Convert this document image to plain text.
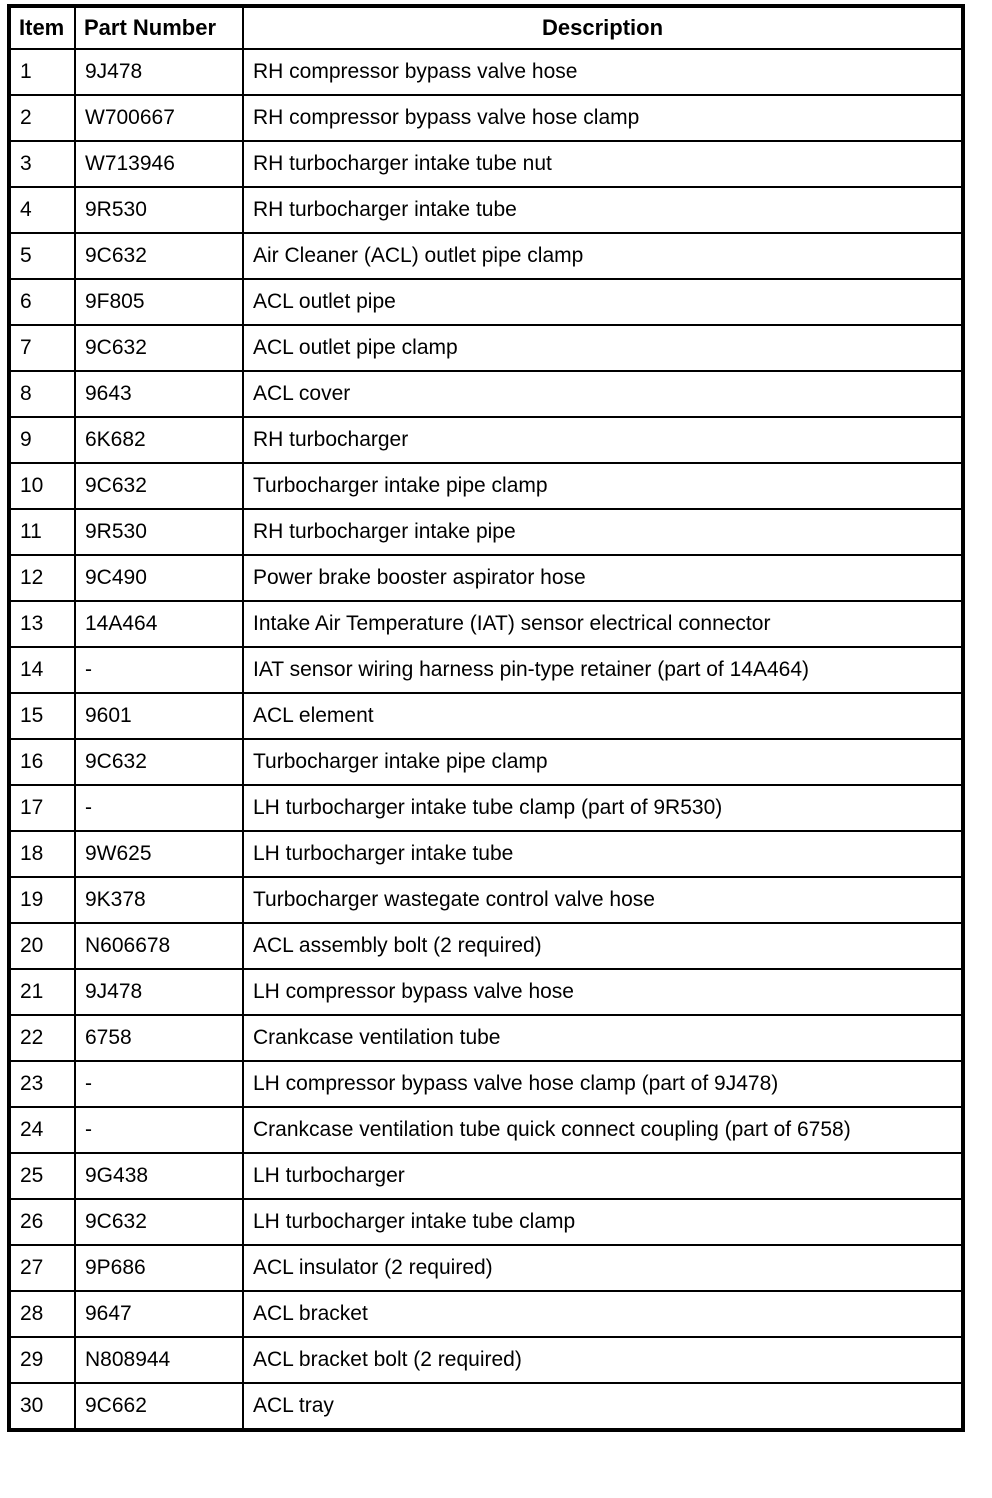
Item	Part Number	Description
1	9J478	RH compressor bypass valve hose
2	W700667	RH compressor bypass valve hose clamp
3	W713946	RH turbocharger intake tube nut
4	9R530	RH turbocharger intake tube
5	9C632	Air Cleaner (ACL) outlet pipe clamp
6	9F805	ACL outlet pipe
7	9C632	ACL outlet pipe clamp
8	9643	ACL cover
9	6K682	RH turbocharger
10	9C632	Turbocharger intake pipe clamp
11	9R530	RH turbocharger intake pipe
12	9C490	Power brake booster aspirator hose
13	14A464	Intake Air Temperature (IAT) sensor electrical connector
14	-	IAT sensor wiring harness pin-type retainer (part of 14A464)
15	9601	ACL element
16	9C632	Turbocharger intake pipe clamp
17	-	LH turbocharger intake tube clamp (part of 9R530)
18	9W625	LH turbocharger intake tube
19	9K378	Turbocharger wastegate control valve hose
20	N606678	ACL assembly bolt (2 required)
21	9J478	LH compressor bypass valve hose
22	6758	Crankcase ventilation tube
23	-	LH compressor bypass valve hose clamp (part of 9J478)
24	-	Crankcase ventilation tube quick connect coupling (part of 6758)
25	9G438	LH turbocharger
26	9C632	LH turbocharger intake tube clamp
27	9P686	ACL insulator (2 required)
28	9647	ACL bracket
29	N808944	ACL bracket bolt (2 required)
30	9C662	ACL tray
